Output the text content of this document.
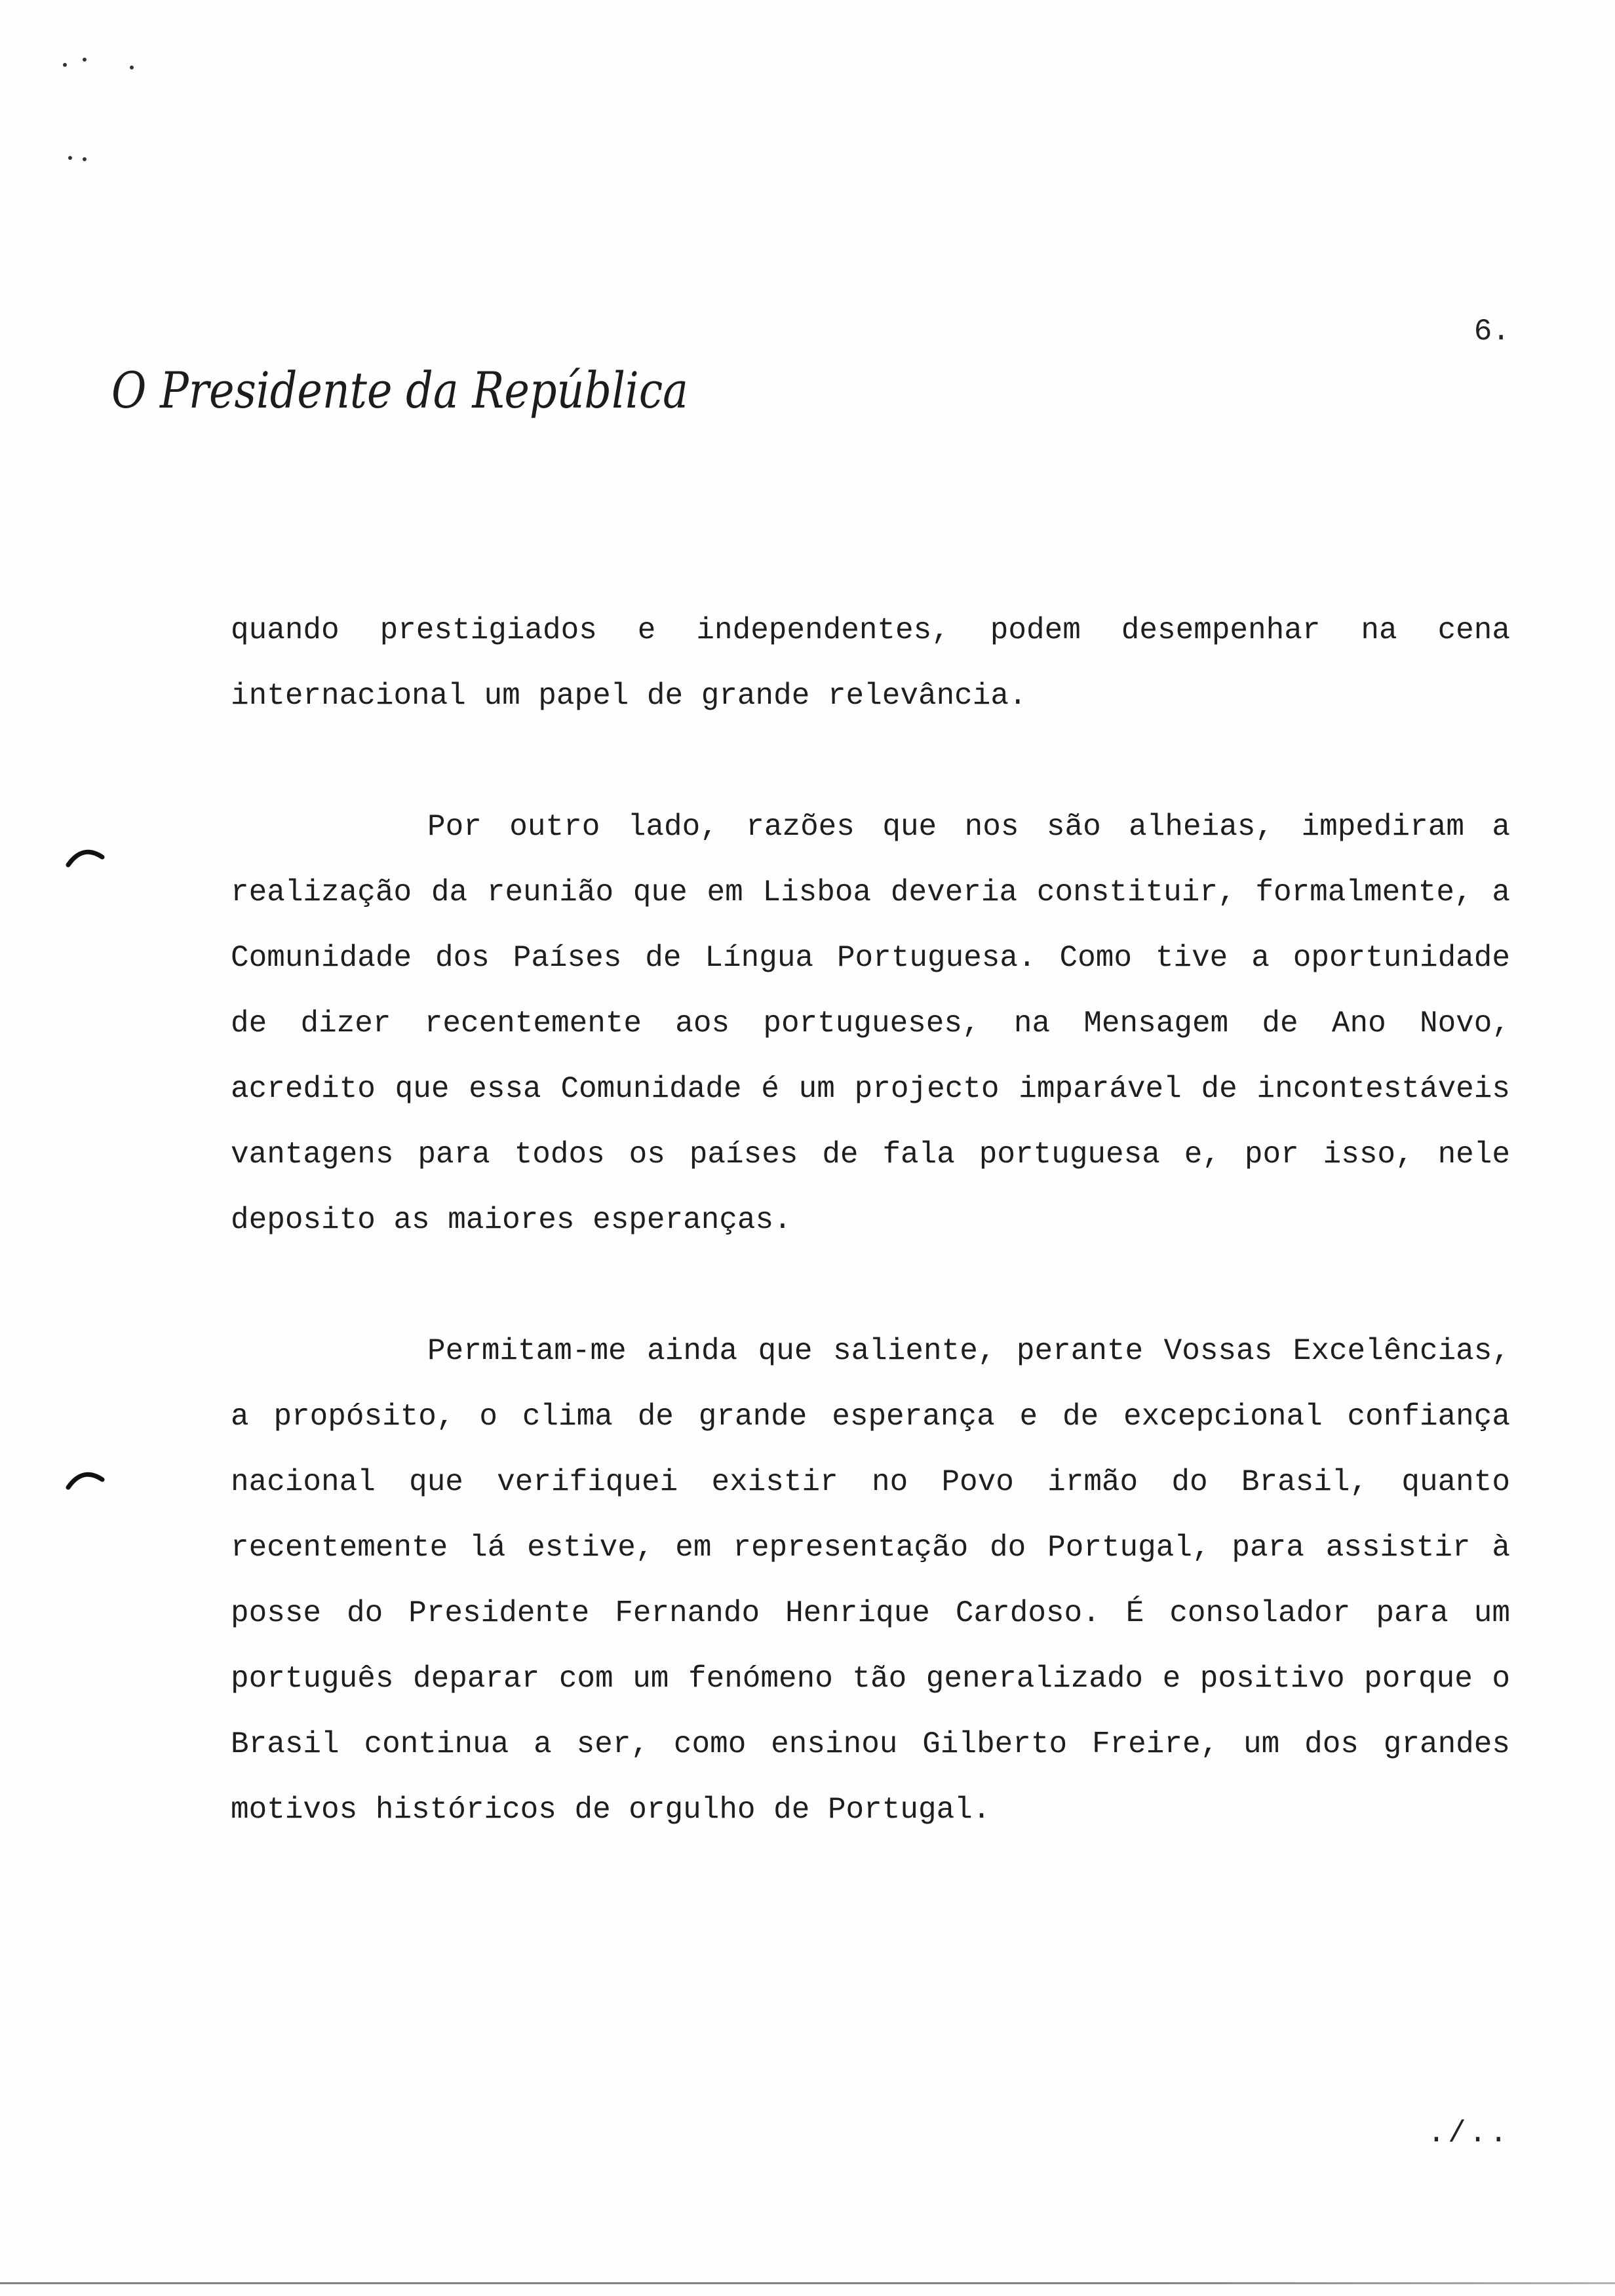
O Presidente da República
6.

quando prestigiados e independentes, podem desempenhar na cena internacional um papel de grande relevância.

Por outro lado, razões que nos são alheias, impediram a realização da reunião que em Lisboa deveria constituir, formalmente, a Comunidade dos Países de Língua Portuguesa. Como tive a oportunidade de dizer recentemente aos portugueses, na Mensagem de Ano Novo, acredito que essa Comunidade é um projecto imparável de incontestáveis vantagens para todos os países de fala portuguesa e, por isso, nele deposito as maiores esperanças.

Permitam-me ainda que saliente, perante Vossas Excelências, a propósito, o clima de grande esperança e de excepcional confiança nacional que verifiquei existir no Povo irmão do Brasil, quanto recentemente lá estive, em representação do Portugal, para assistir à posse do Presidente Fernando Henrique Cardoso. É consolador para um português deparar com um fenómeno tão generalizado e positivo porque o Brasil continua a ser, como ensinou Gilberto Freire, um dos grandes motivos históricos de orgulho de Portugal.

./..
